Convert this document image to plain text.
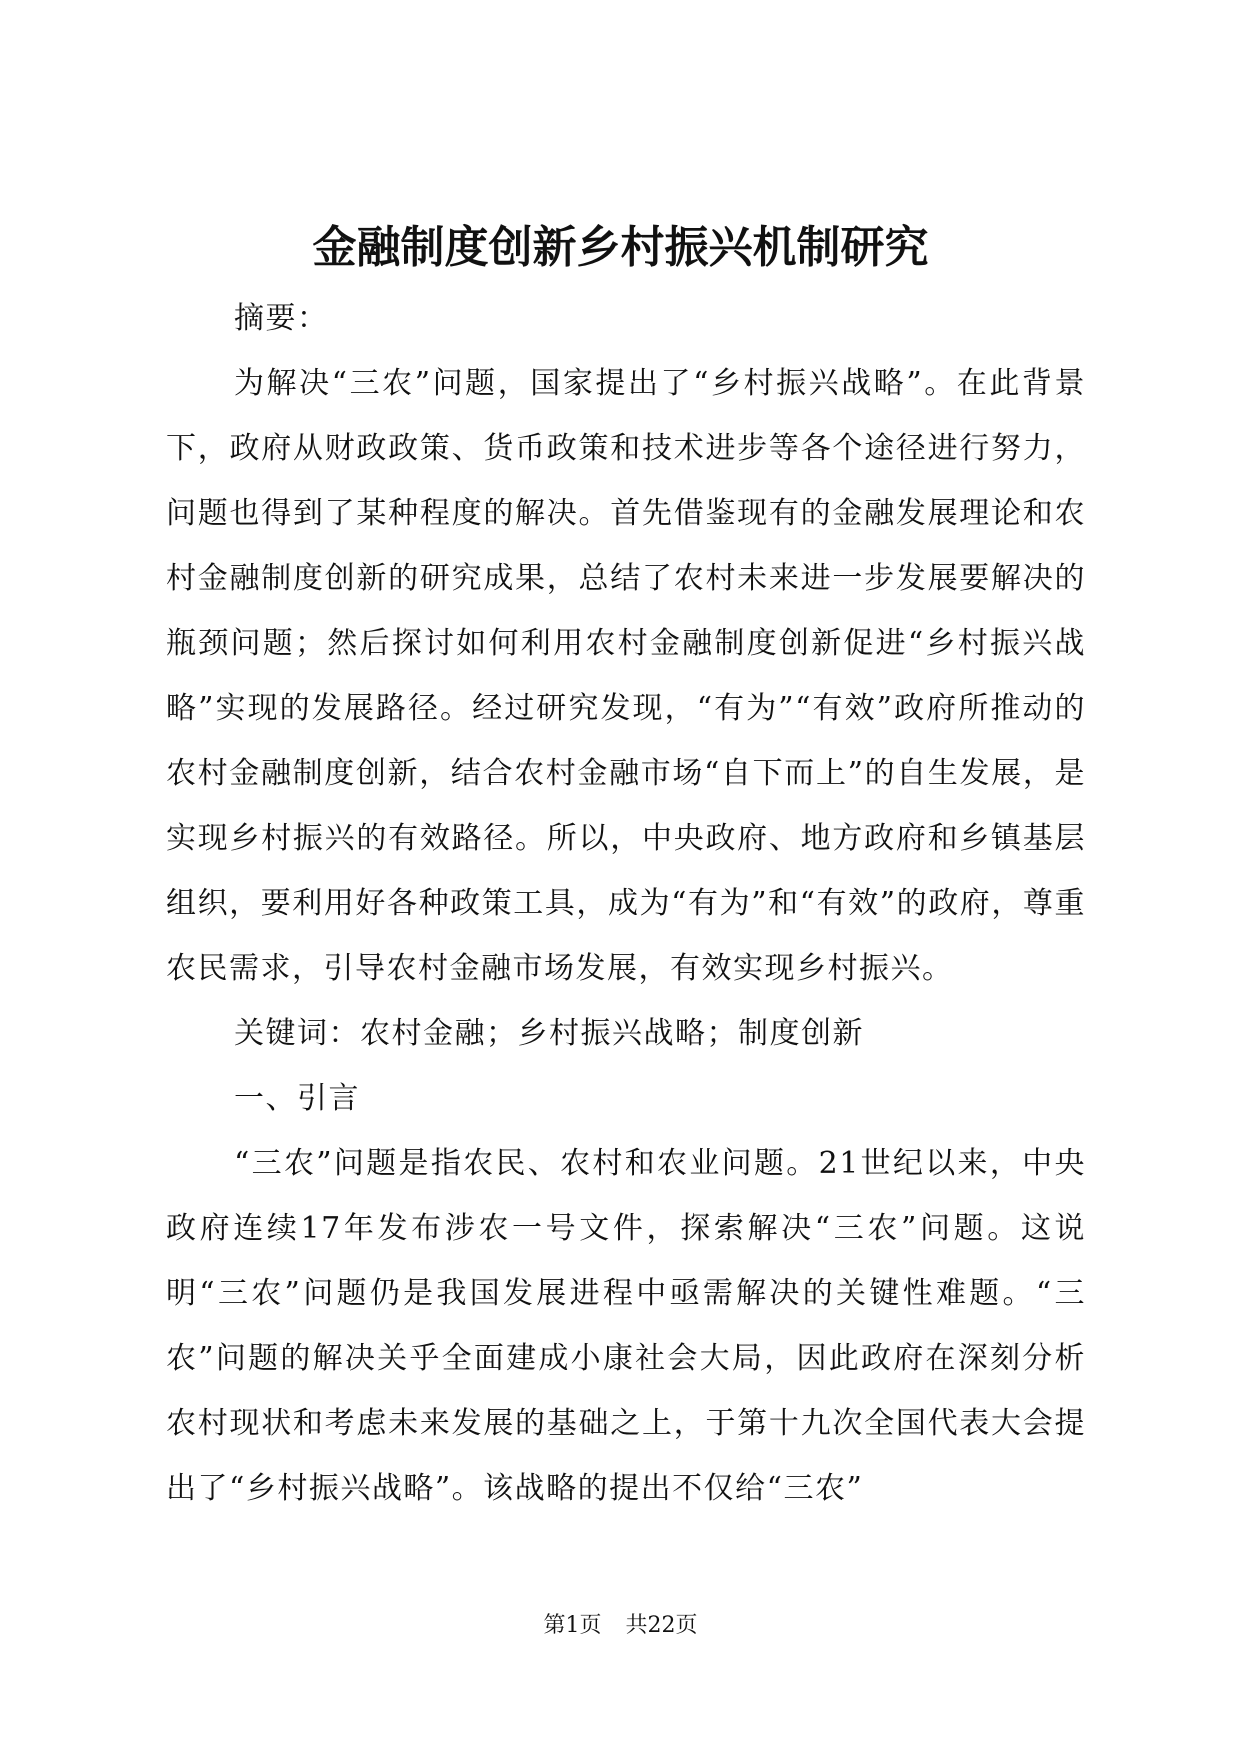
金融制度创新乡村振兴机制研究

摘要：

为解决“三农”问题，国家提出了“乡村振兴战略”。在此背景下，政府从财政政策、货币政策和技术进步等各个途径进行努力，问题也得到了某种程度的解决。首先借鉴现有的金融发展理论和农村金融制度创新的研究成果，总结了农村未来进一步发展要解决的瓶颈问题；然后探讨如何利用农村金融制度创新促进“乡村振兴战略”实现的发展路径。经过研究发现，“有为”“有效”政府所推动的农村金融制度创新，结合农村金融市场“自下而上”的自生发展，是实现乡村振兴的有效路径。所以，中央政府、地方政府和乡镇基层组织，要利用好各种政策工具，成为“有为”和“有效”的政府，尊重农民需求，引导农村金融市场发展，有效实现乡村振兴。

关键词：农村金融；乡村振兴战略；制度创新

一、引言

“三农”问题是指农民、农村和农业问题。21世纪以来，中央政府连续17年发布涉农一号文件，探索解决“三农”问题。这说明“三农”问题仍是我国发展进程中亟需解决的关键性难题。“三农”问题的解决关乎全面建成小康社会大局，因此政府在深刻分析农村现状和考虑未来发展的基础之上，于第十九次全国代表大会提出了“乡村振兴战略”。该战略的提出不仅给“三农”

第1页 共22页
